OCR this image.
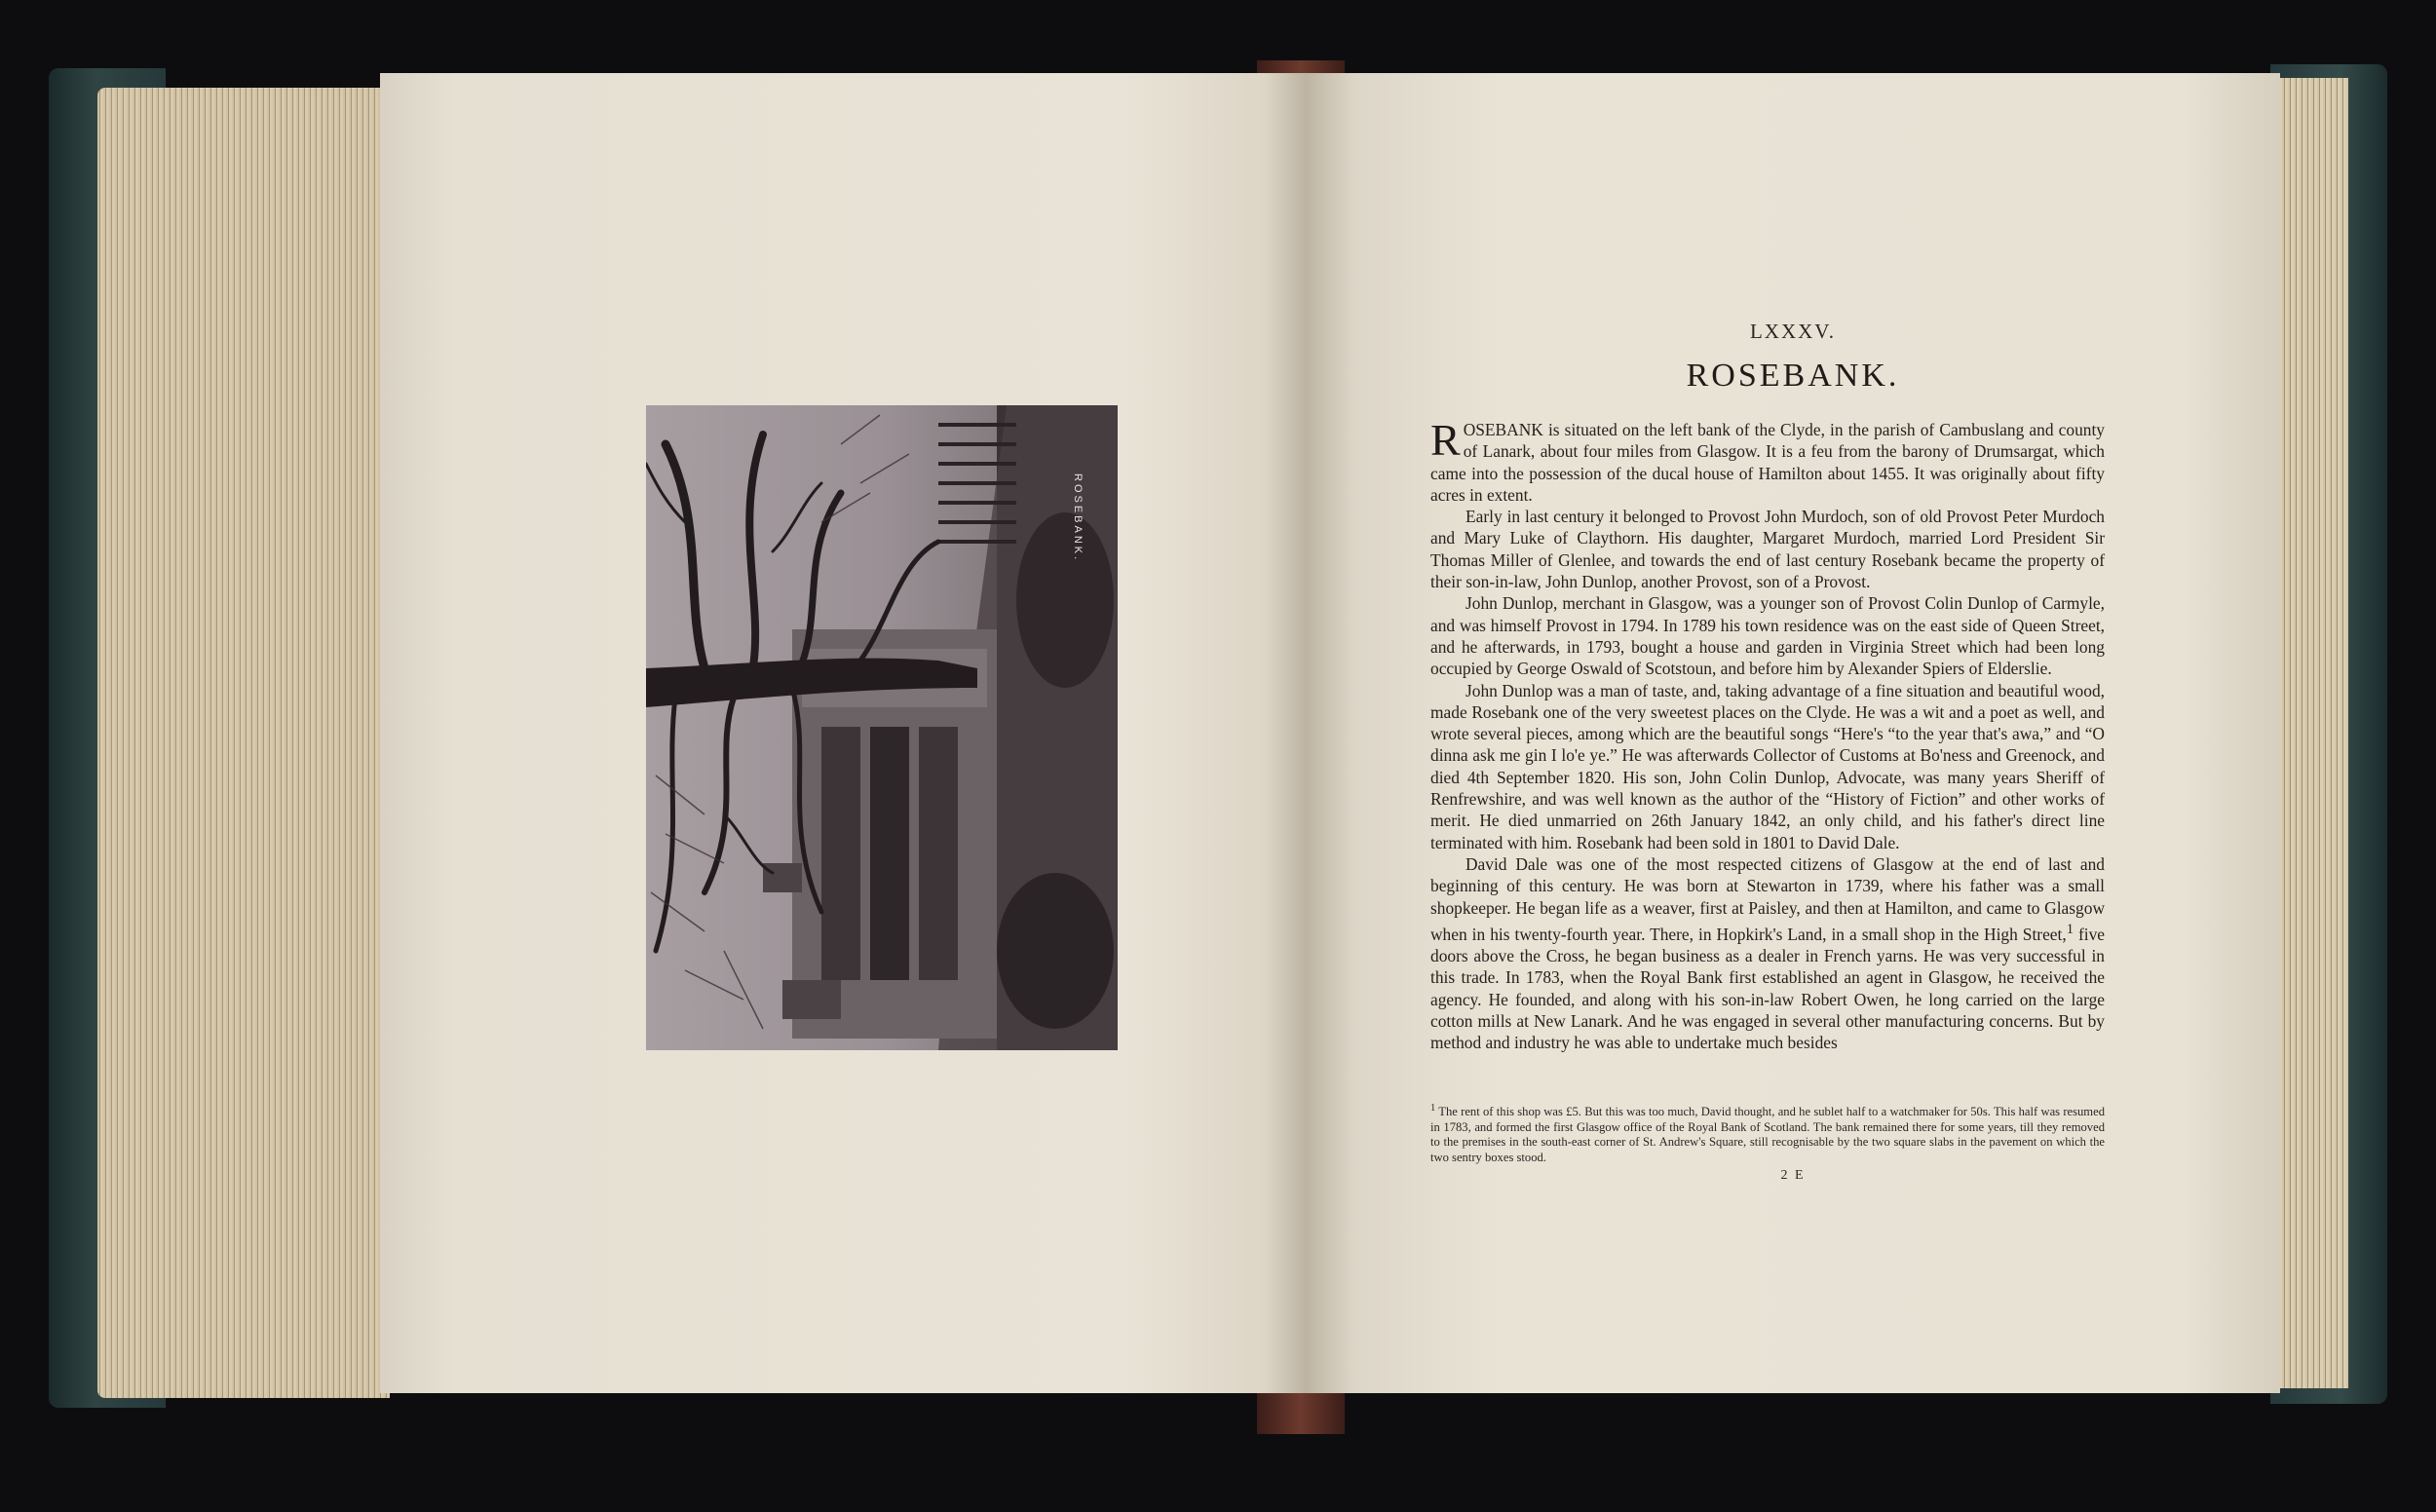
ROSEBANK.
LXXXV.
ROSEBANK.

ROSEBANK is situated on the left bank of the Clyde, in the parish of Cambuslang and county of Lanark, about four miles from Glasgow. It is a feu from the barony of Drumsargat, which came into the possession of the ducal house of Hamilton about 1455. It was originally about fifty acres in extent.

Early in last century it belonged to Provost John Murdoch, son of old Provost Peter Murdoch and Mary Luke of Claythorn. His daughter, Margaret Murdoch, married Lord President Sir Thomas Miller of Glenlee, and towards the end of last century Rosebank became the property of their son-in-law, John Dunlop, another Provost, son of a Provost.

John Dunlop, merchant in Glasgow, was a younger son of Provost Colin Dunlop of Carmyle, and was himself Provost in 1794. In 1789 his town residence was on the east side of Queen Street, and he afterwards, in 1793, bought a house and garden in Virginia Street which had been long occupied by George Oswald of Scotstoun, and before him by Alexander Spiers of Elderslie.

John Dunlop was a man of taste, and, taking advantage of a fine situation and beautiful wood, made Rosebank one of the very sweetest places on the Clyde. He was a wit and a poet as well, and wrote several pieces, among which are the beautiful songs “Here's “to the year that's awa,” and “O dinna ask me gin I lo'e ye.” He was afterwards Collector of Customs at Bo'ness and Greenock, and died 4th September 1820. His son, John Colin Dunlop, Advocate, was many years Sheriff of Renfrewshire, and was well known as the author of the “History of Fiction” and other works of merit. He died unmarried on 26th January 1842, an only child, and his father's direct line terminated with him. Rosebank had been sold in 1801 to David Dale.

David Dale was one of the most respected citizens of Glasgow at the end of last and beginning of this century. He was born at Stewarton in 1739, where his father was a small shopkeeper. He began life as a weaver, first at Paisley, and then at Hamilton, and came to Glasgow when in his twenty-fourth year. There, in Hopkirk's Land, in a small shop in the High Street,$^1$ five doors above the Cross, he began business as a dealer in French yarns. He was very successful in this trade. In 1783, when the Royal Bank first established an agent in Glasgow, he received the agency. He founded, and along with his son-in-law Robert Owen, he long carried on the large cotton mills at New Lanark. And he was engaged in several other manufacturing concerns. But by method and industry he was able to undertake much besides

$^1$ The rent of this shop was £5. But this was too much, David thought, and he sublet half to a watchmaker for 50s. This half was resumed in 1783, and formed the first Glasgow office of the Royal Bank of Scotland. The bank remained there for some years, till they removed to the premises in the south-east corner of St. Andrew's Square, still recognisable by the two square slabs in the pavement on which the two sentry boxes stood.
2 E
